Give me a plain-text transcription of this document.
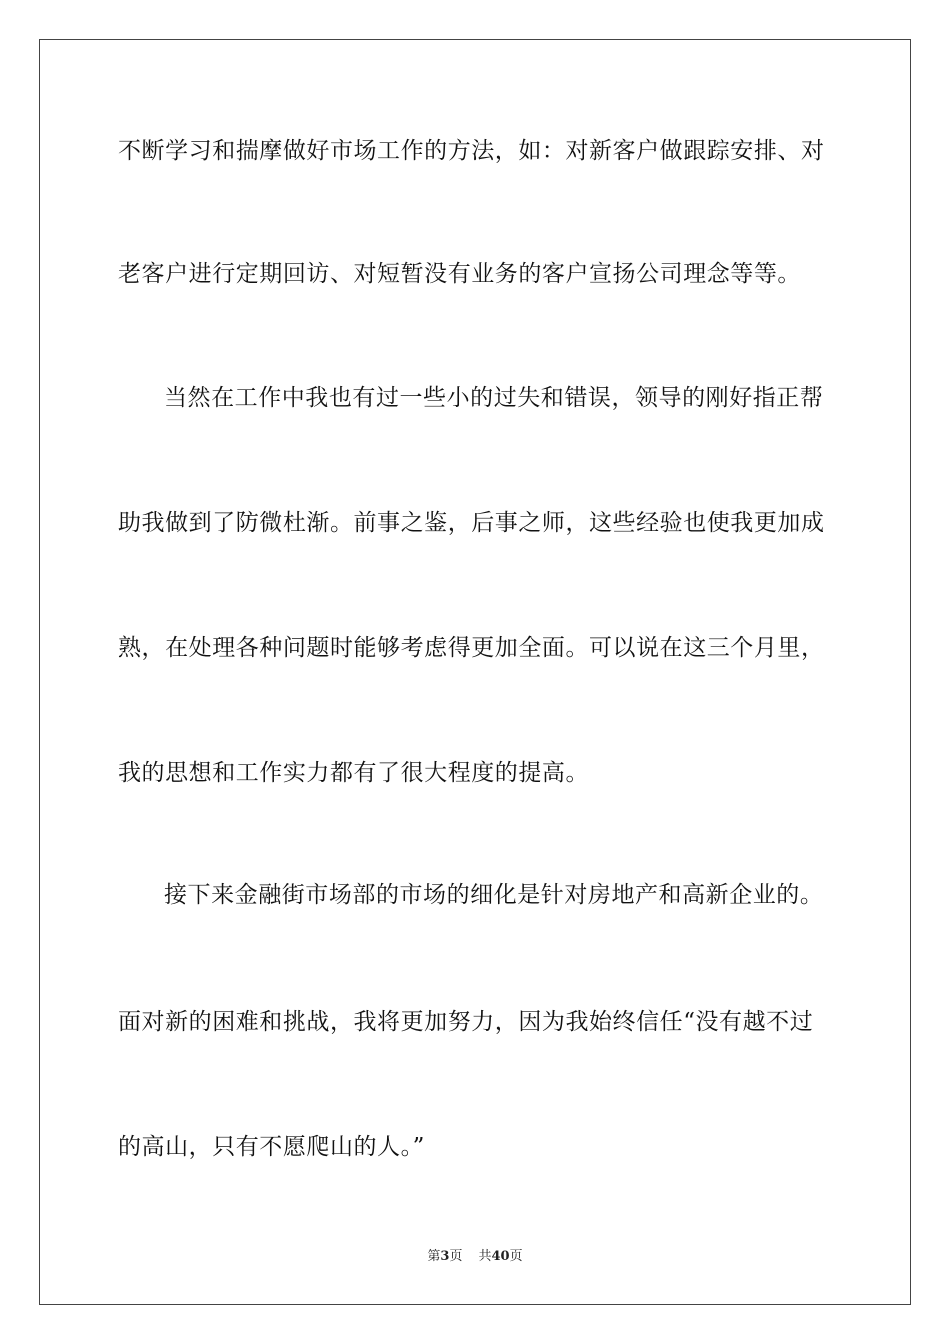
不断学习和揣摩做好市场工作的方法，如：对新客户做跟踪安排、对
老客户进行定期回访、对短暂没有业务的客户宣扬公司理念等等。
当然在工作中我也有过一些小的过失和错误，领导的刚好指正帮
助我做到了防微杜渐。前事之鉴，后事之师，这些经验也使我更加成
熟，在处理各种问题时能够考虑得更加全面。可以说在这三个月里，
我的思想和工作实力都有了很大程度的提高。
接下来金融街市场部的市场的细化是针对房地产和高新企业的。
面对新的困难和挑战，我将更加努力，因为我始终信任“没有越不过
的高山，只有不愿爬山的人。”
第3页 共40页
